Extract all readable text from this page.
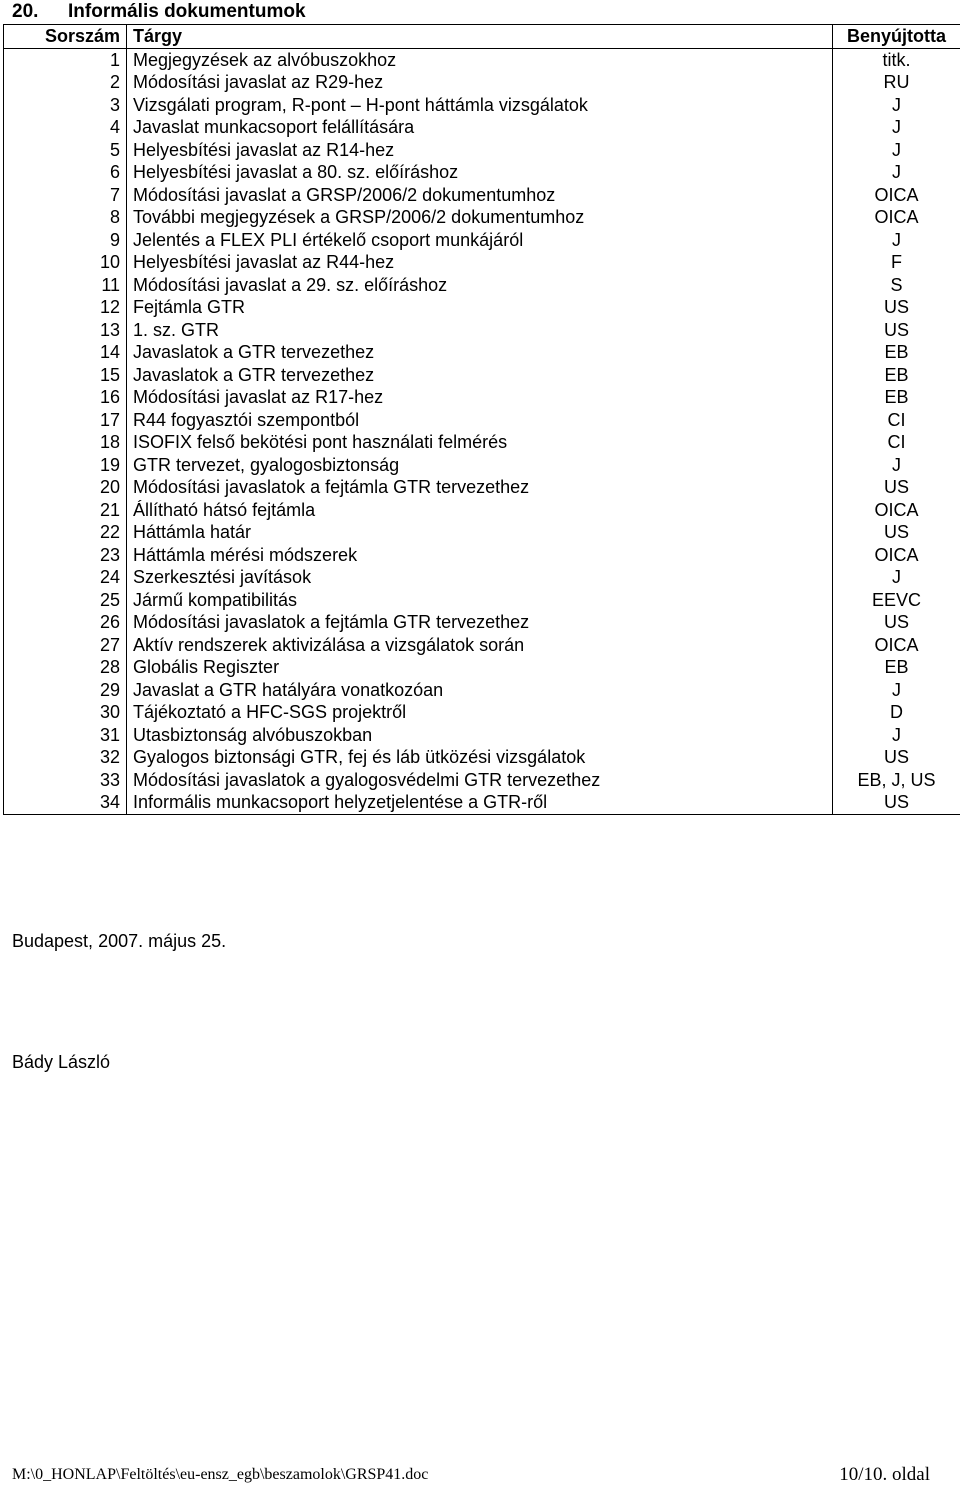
20. Informális dokumentumok
Sorszám	Tárgy	Benyújtotta
1	Megjegyzések az alvóbuszokhoz	titk.
2	Módosítási javaslat az R29-hez	RU
3	Vizsgálati program, R-pont – H-pont háttámla vizsgálatok	J
4	Javaslat munkacsoport felállítására	J
5	Helyesbítési javaslat az R14-hez	J
6	Helyesbítési javaslat a 80. sz. előíráshoz	J
7	Módosítási javaslat a GRSP/2006/2 dokumentumhoz	OICA
8	További megjegyzések a GRSP/2006/2 dokumentumhoz	OICA
9	Jelentés a FLEX PLI értékelő csoport munkájáról	J
10	Helyesbítési javaslat az R44-hez	F
11	Módosítási javaslat a 29. sz. előíráshoz	S
12	Fejtámla GTR	US
13	1. sz. GTR	US
14	Javaslatok a GTR tervezethez	EB
15	Javaslatok a GTR tervezethez	EB
16	Módosítási javaslat az R17-hez	EB
17	R44 fogyasztói szempontból	CI
18	ISOFIX felső bekötési pont használati felmérés	CI
19	GTR tervezet, gyalogosbiztonság	J
20	Módosítási javaslatok a fejtámla GTR tervezethez	US
21	Állítható hátsó fejtámla	OICA
22	Háttámla határ	US
23	Háttámla mérési módszerek	OICA
24	Szerkesztési javítások	J
25	Jármű kompatibilitás	EEVC
26	Módosítási javaslatok a fejtámla GTR tervezethez	US
27	Aktív rendszerek aktivizálása a vizsgálatok során	OICA
28	Globális Regiszter	EB
29	Javaslat a GTR hatályára vonatkozóan	J
30	Tájékoztató a HFC-SGS projektről	D
31	Utasbiztonság alvóbuszokban	J
32	Gyalogos biztonsági GTR, fej és láb ütközési vizsgálatok	US
33	Módosítási javaslatok a gyalogosvédelmi GTR tervezethez	EB, J, US
34	Informális munkacsoport helyzetjelentése a GTR-ről	US
Budapest, 2007. május 25.
Bády László
M:\0_HONLAP\Feltöltés\eu-ensz_egb\beszamolok\GRSP41.doc	10/10. oldal
